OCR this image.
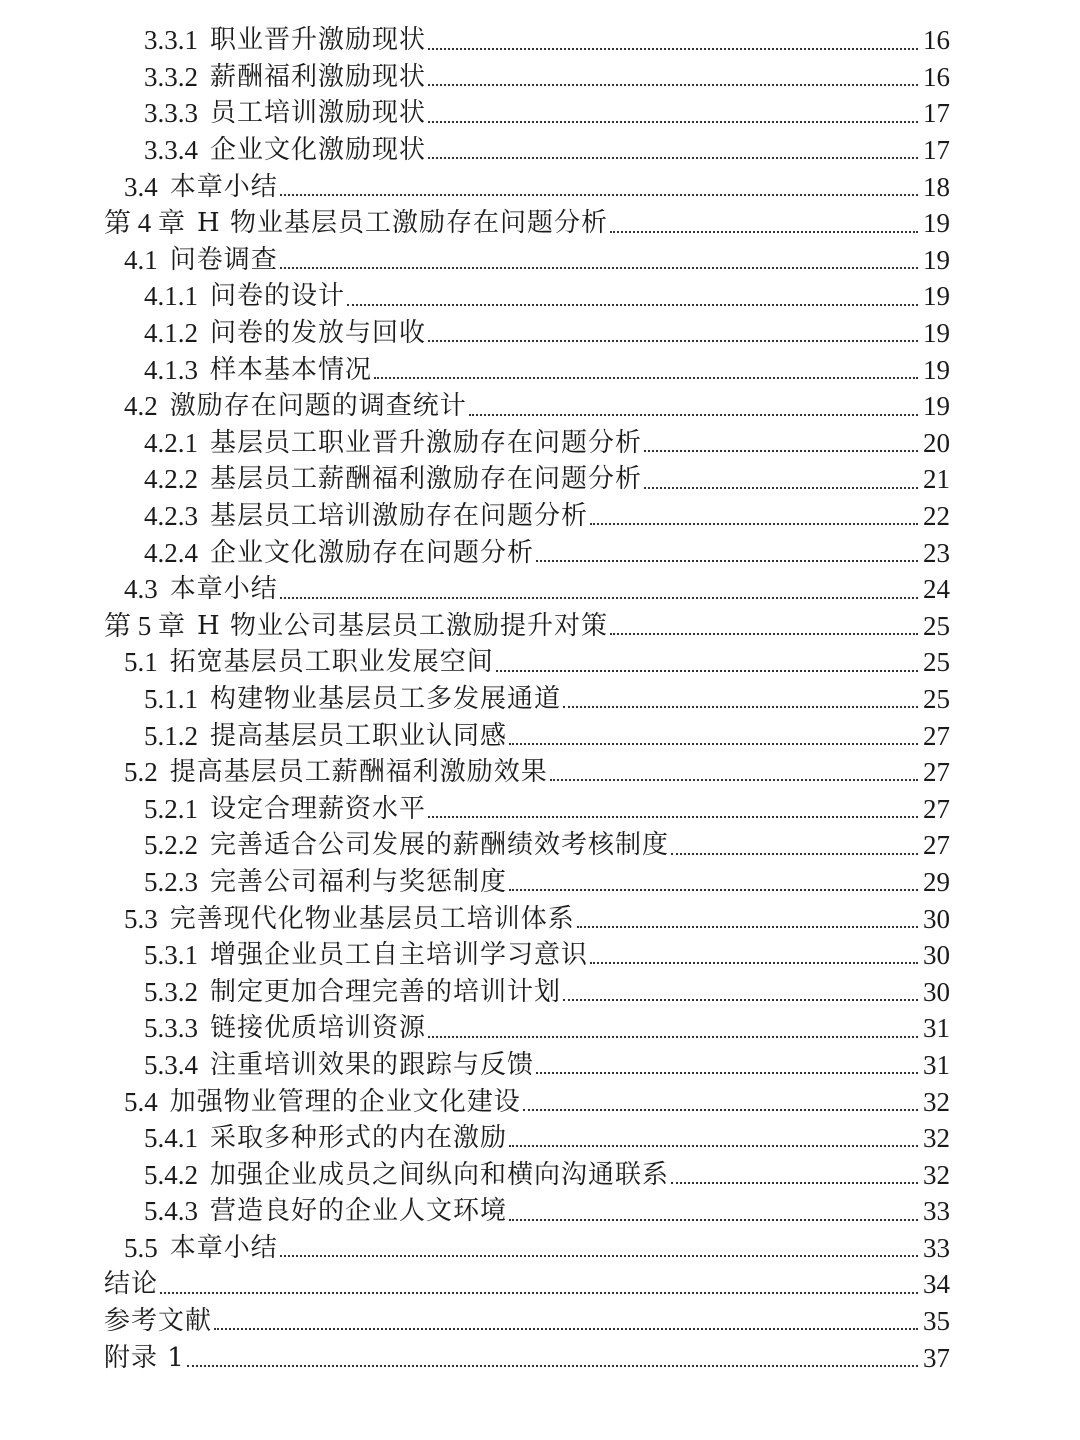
3.3.1 职业晋升激励现状	16
3.3.2 薪酬福利激励现状	16
3.3.3 员工培训激励现状	17
3.3.4 企业文化激励现状	17
3.4 本章小结	18
第 4 章 H 物业基层员工激励存在问题分析	19
4.1 问卷调查	19
4.1.1 问卷的设计	19
4.1.2 问卷的发放与回收	19
4.1.3 样本基本情况	19
4.2 激励存在问题的调查统计	19
4.2.1 基层员工职业晋升激励存在问题分析	20
4.2.2 基层员工薪酬福利激励存在问题分析	21
4.2.3 基层员工培训激励存在问题分析	22
4.2.4 企业文化激励存在问题分析	23
4.3 本章小结	24
第 5 章 H 物业公司基层员工激励提升对策	25
5.1 拓宽基层员工职业发展空间	25
5.1.1 构建物业基层员工多发展通道	25
5.1.2 提高基层员工职业认同感	27
5.2 提高基层员工薪酬福利激励效果	27
5.2.1 设定合理薪资水平	27
5.2.2 完善适合公司发展的薪酬绩效考核制度	27
5.2.3 完善公司福利与奖惩制度	29
5.3 完善现代化物业基层员工培训体系	30
5.3.1 增强企业员工自主培训学习意识	30
5.3.2 制定更加合理完善的培训计划	30
5.3.3 链接优质培训资源	31
5.3.4 注重培训效果的跟踪与反馈	31
5.4 加强物业管理的企业文化建设	32
5.4.1 采取多种形式的内在激励	32
5.4.2 加强企业成员之间纵向和横向沟通联系	32
5.4.3 营造良好的企业人文环境	33
5.5 本章小结	33
结论	34
参考文献	35
附录 1	37
